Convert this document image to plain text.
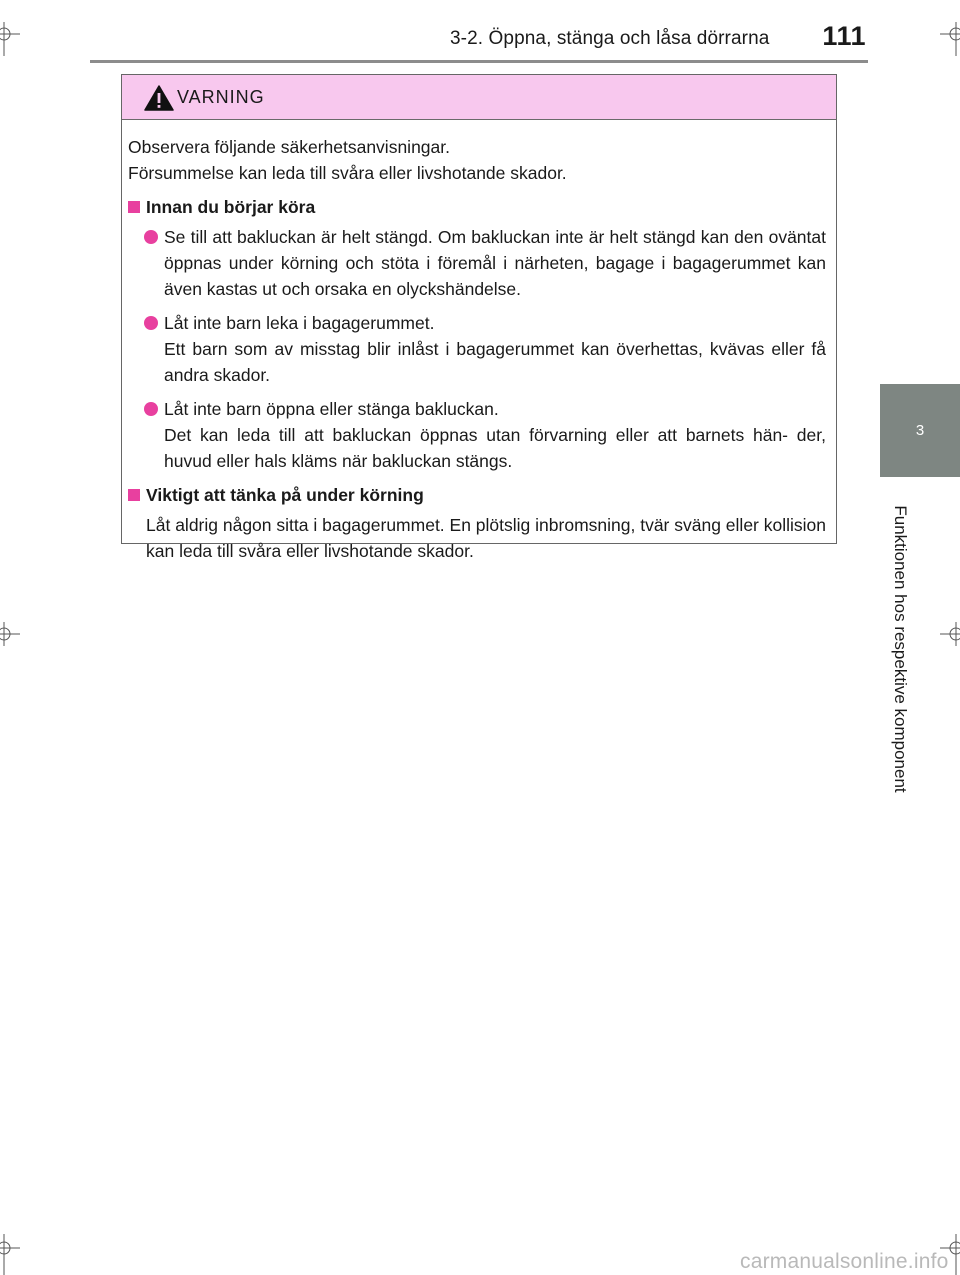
3-2. Öppna, stänga och låsa dörrarna	111
3
Funktionen hos respektive komponent
VARNING

Observera följande säkerhetsanvisningar.
Försummelse kan leda till svåra eller livshotande skador.

Innan du börjar köra

Se till att bakluckan är helt stängd. Om bakluckan inte är helt stängd kan den oväntat öppnas under körning och stöta i föremål i närheten, bagage i bagagerummet kan även kastas ut och orsaka en olyckshändelse.

Låt inte barn leka i bagagerummet.
Ett barn som av misstag blir inlåst i bagagerummet kan överhettas, kvävas eller få andra skador.

Låt inte barn öppna eller stänga bakluckan.
Det kan leda till att bakluckan öppnas utan förvarning eller att barnets hän- der, huvud eller hals kläms när bakluckan stängs.

Viktigt att tänka på under körning

Låt aldrig någon sitta i bagagerummet. En plötslig inbromsning, tvär sväng eller kollision kan leda till svåra eller livshotande skador.

carmanualsonline.info
